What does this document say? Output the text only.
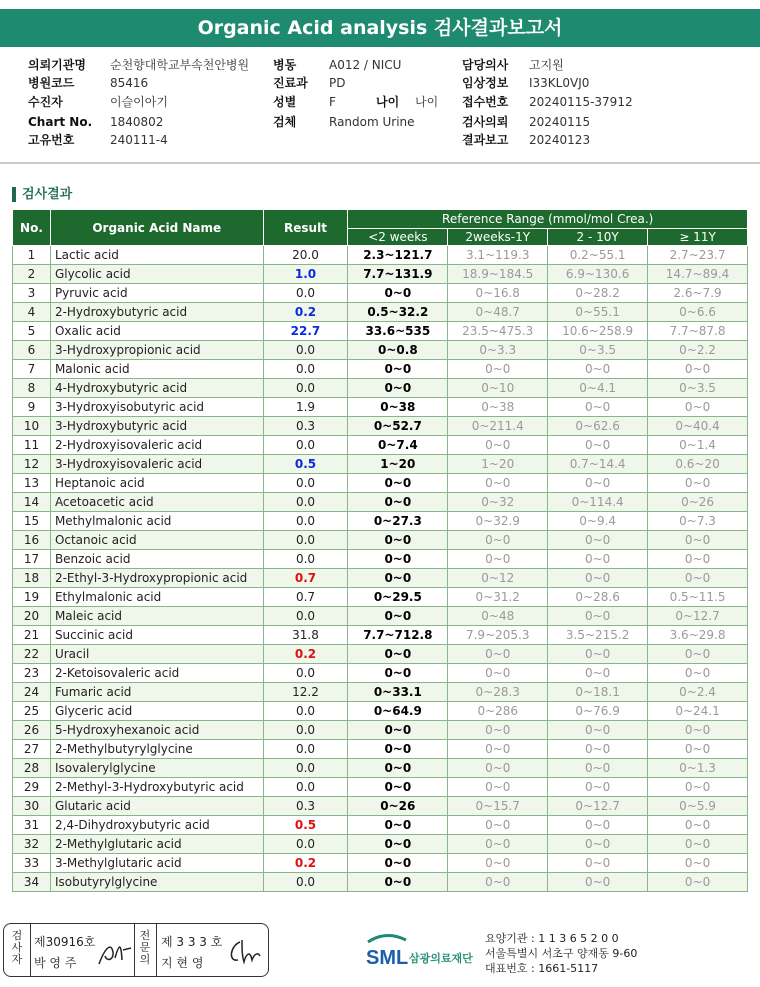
Organic Acid analysis 검사결과보고서
의뢰기관명 순천향대학교부속천안병원 병동	A012 / NICU	담당의사 고지원
병원코드	85416	진료과 PD	임상정보 I33KL0VJ0
수진자	이슬이아기	성별	F	나이 나이 접수번호 20240115-37912
Chart No. 1840802	검체	Random Urine	검사의뢰 20240115
고유번호	240111-4	결과보고 20240123
검사결과
No.	Organic Acid Name	Result	Reference Range (mmol/mol Crea.)			
			<2 weeks	2weeks-1Y	2 - 10Y	≥ 11Y
1	Lactic acid	20.0	2.3~121.7	3.1~119.3	0.2~55.1	2.7~23.7
2	Glycolic acid	1.0	7.7~131.9	18.9~184.5	6.9~130.6	14.7~89.4
3	Pyruvic acid	0.0	0~0	0~16.8	0~28.2	2.6~7.9
4	2-Hydroxybutyric acid	0.2	0.5~32.2	0~48.7	0~55.1	0~6.6
5	Oxalic acid	22.7	33.6~535	23.5~475.3	10.6~258.9	7.7~87.8
6	3-Hydroxypropionic acid	0.0	0~0.8	0~3.3	0~3.5	0~2.2
7	Malonic acid	0.0	0~0	0~0	0~0	0~0
8	4-Hydroxybutyric acid	0.0	0~0	0~10	0~4.1	0~3.5
9	3-Hydroxyisobutyric acid	1.9	0~38	0~38	0~0	0~0
10	3-Hydroxybutyric acid	0.3	0~52.7	0~211.4	0~62.6	0~40.4
11	2-Hydroxyisovaleric acid	0.0	0~7.4	0~0	0~0	0~1.4
12	3-Hydroxyisovaleric acid	0.5	1~20	1~20	0.7~14.4	0.6~20
13	Heptanoic acid	0.0	0~0	0~0	0~0	0~0
14	Acetoacetic acid	0.0	0~0	0~32	0~114.4	0~26
15	Methylmalonic acid	0.0	0~27.3	0~32.9	0~9.4	0~7.3
16	Octanoic acid	0.0	0~0	0~0	0~0	0~0
17	Benzoic acid	0.0	0~0	0~0	0~0	0~0
18	2-Ethyl-3-Hydroxypropionic acid	0.7	0~0	0~12	0~0	0~0
19	Ethylmalonic acid	0.7	0~29.5	0~31.2	0~28.6	0.5~11.5
20	Maleic acid	0.0	0~0	0~48	0~0	0~12.7
21	Succinic acid	31.8	7.7~712.8	7.9~205.3	3.5~215.2	3.6~29.8
22	Uracil	0.2	0~0	0~0	0~0	0~0
23	2-Ketoisovaleric acid	0.0	0~0	0~0	0~0	0~0
24	Fumaric acid	12.2	0~33.1	0~28.3	0~18.1	0~2.4
25	Glyceric acid	0.0	0~64.9	0~286	0~76.9	0~24.1
26	5-Hydroxyhexanoic acid	0.0	0~0	0~0	0~0	0~0
27	2-Methylbutyrylglycine	0.0	0~0	0~0	0~0	0~0
28	Isovalerylglycine	0.0	0~0	0~0	0~0	0~1.3
29	2-Methyl-3-Hydroxybutyric acid	0.0	0~0	0~0	0~0	0~0
30	Glutaric acid	0.3	0~26	0~15.7	0~12.7	0~5.9
31	2,4-Dihydroxybutyric acid	0.5	0~0	0~0	0~0	0~0
32	2-Methylglutaric acid	0.0	0~0	0~0	0~0	0~0
33	3-Methylglutaric acid	0.2	0~0	0~0	0~0	0~0
34	Isobutyrylglycine	0.0	0~0	0~0	0~0	0~0
검사자
제30916호
박 영 주
전문의
제 3 3 3 호
지 현 영	SML 삼광의료재단
요양기관 : 1 1 3 6 5 2 0 0
서울특별시 서초구 양재동 9-60
대표번호 : 1661-5117
